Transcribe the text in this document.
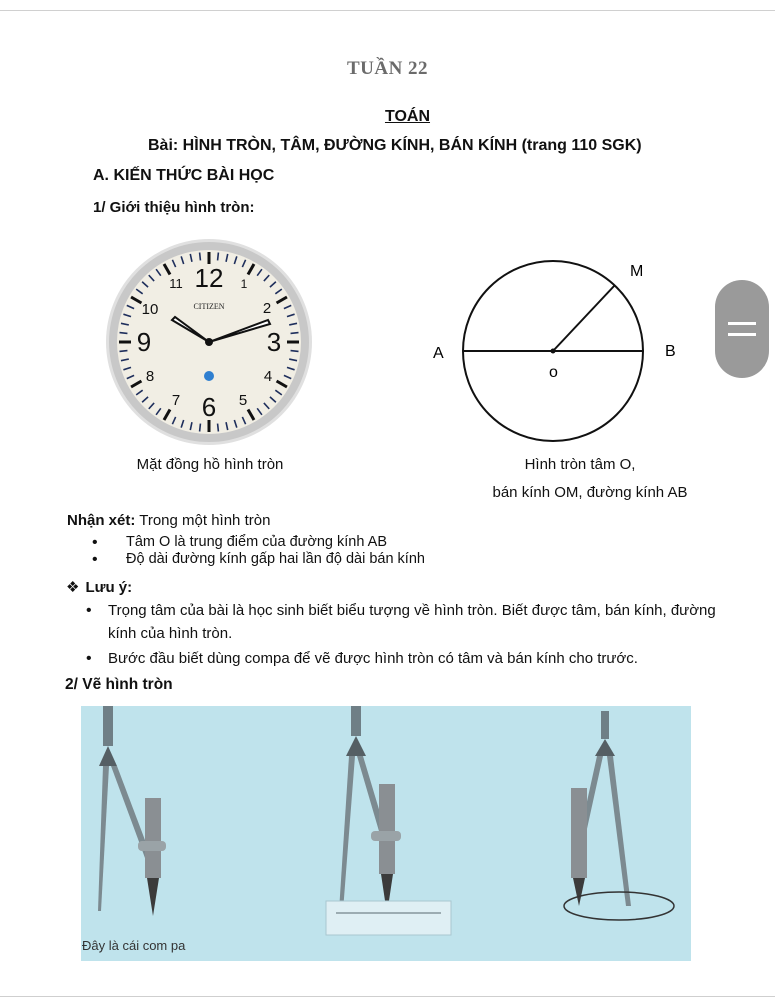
TUẦN 22
TOÁN
Bài: HÌNH TRÒN, TÂM, ĐƯỜNG KÍNH, BÁN KÍNH (trang 110 SGK)
A. KIẾN THỨC BÀI HỌC
1/ Giới thiệu hình tròn:
12 1
2
3
4
5
6
7
8
9
10
11
CITIZEN
M
A	B
o
Mặt đồng hồ hình tròn	Hình tròn tâm O,
bán kính OM, đường kính AB
Nhận xét: Trong một hình tròn
• Tâm O là trung điểm của đường kính AB
• Độ dài đường kính gấp hai lần độ dài bán kính
❖ Lưu ý:
• Trọng tâm của bài là học sinh biết biểu tượng về hình tròn. Biết được tâm, bán kính, đường kính của hình tròn.
• Bước đầu biết dùng compa để vẽ được hình tròn có tâm và bán kính cho trước.
2/ Vẽ hình tròn
Đây là cái com pa
